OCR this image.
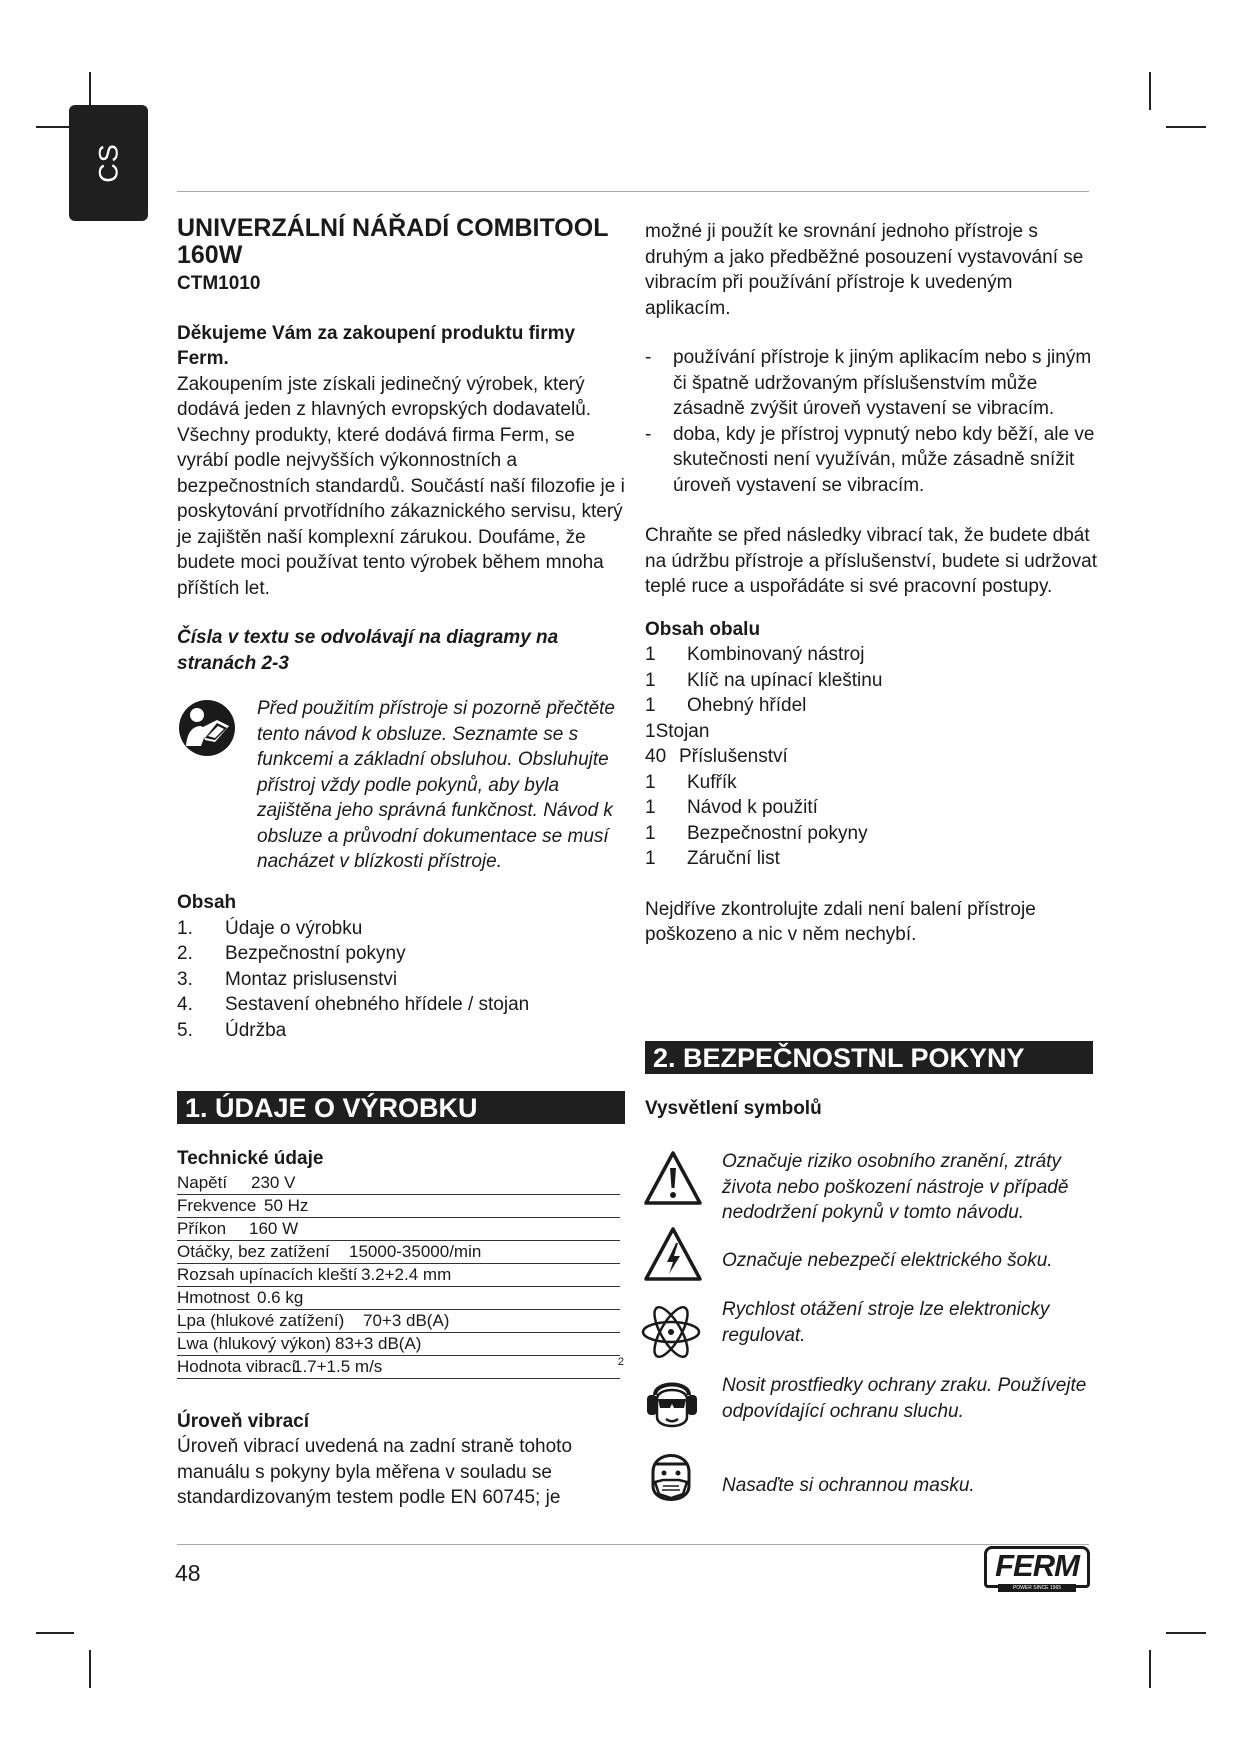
CS
UNIVERZÁLNÍ NÁŘADÍ COMBITOOL 160W
CTM1010
Děkujeme Vám za zakoupení produktu firmy Ferm.

Zakoupením jste získali jedinečný výrobek, který dodává jeden z hlavných evropských dodavatelů. Všechny produkty, které dodává firma Ferm, se vyrábí podle nejvyšších výkonnostních a bezpečnostních standardů. Součástí naší filozofie je i poskytování prvotřídního zákaznického servisu, který je zajištěn naší komplexní zárukou. Doufáme, že budete moci používat tento výrobek během mnoha příštích let.

Čísla v textu se odvolávají na diagramy na stranách 2-3
Před použitím přístroje si pozorně přečtěte tento návod k obsluze. Seznamte se s funkcemi a základní obsluhou. Obsluhujte přístroj vždy podle pokynů, aby byla zajištěna jeho správná funkčnost. Návod k obsluze a průvodní dokumentace se musí nacházet v blízkosti přístroje.
Obsah
1.	Údaje o výrobku
2.	Bezpečnostní pokyny
3.	Montaz prislusenstvi
4.	Sestavení ohebného hřídele / stojan
5.	Údržba
1. ÚDAJE O VÝROBKU
Technické údaje
Napětí 230 V
Frekvence 50 Hz
Příkon 160 W
Otáčky, bez zatížení 15000-35000/min
Rozsah upínacích kleští 3.2+2.4 mm
Hmotnost 0.6 kg
Lpa (hlukové zatížení) 70+3 dB(A)
Lwa (hlukový výkon) 83+3 dB(A)
Hodnota vibrací1.7+1.5 m/s	2
Úroveň vibrací

Úroveň vibrací uvedená na zadní straně tohoto manuálu s pokyny byla měřena v souladu se standardizovaným testem podle EN 60745; je

možné ji použít ke srovnání jednoho přístroje s druhým a jako předběžné posouzení vystavování se vibracím při používání přístroje k uvedeným aplikacím.

-	používání přístroje k jiným aplikacím nebo s jiným či špatně udržovaným příslušenstvím může zásadně zvýšit úroveň vystavení se vibracím.
-	doba, kdy je přístroj vypnutý nebo kdy běží, ale ve skutečnosti není využíván, může zásadně snížit úroveň vystavení se vibracím.

Chraňte se před následky vibrací tak, že budete dbát na údržbu přístroje a příslušenství, budete si udržovat teplé ruce a uspořádáte si své pracovní postupy.

Obsah obalu
1	Kombinovaný nástroj
1	Klíč na upínací kleštinu
1	Ohebný hřídel
1Stojan
40 Příslušenství
1	Kufřík
1	Návod k použití
1	Bezpečnostní pokyny
1	Záruční list

Nejdříve zkontrolujte zdali není balení přístroje poškozeno a nic v něm nechybí.

2. BEZPEČNOSTNL POKYNY
Vysvětlení symbolů
Označuje riziko osobního zranění, ztráty života nebo poškození nástroje v případě nedodržení pokynů v tomto návodu.
Označuje nebezpečí elektrického šoku.
Rychlost otážení stroje lze elektronicky regulovat.
Nosit prostfiedky ochrany zraku. Používejte odpovídající ochranu sluchu.
Nasaďte si ochrannou masku.
48	FERM
POWER SINCE 1965
